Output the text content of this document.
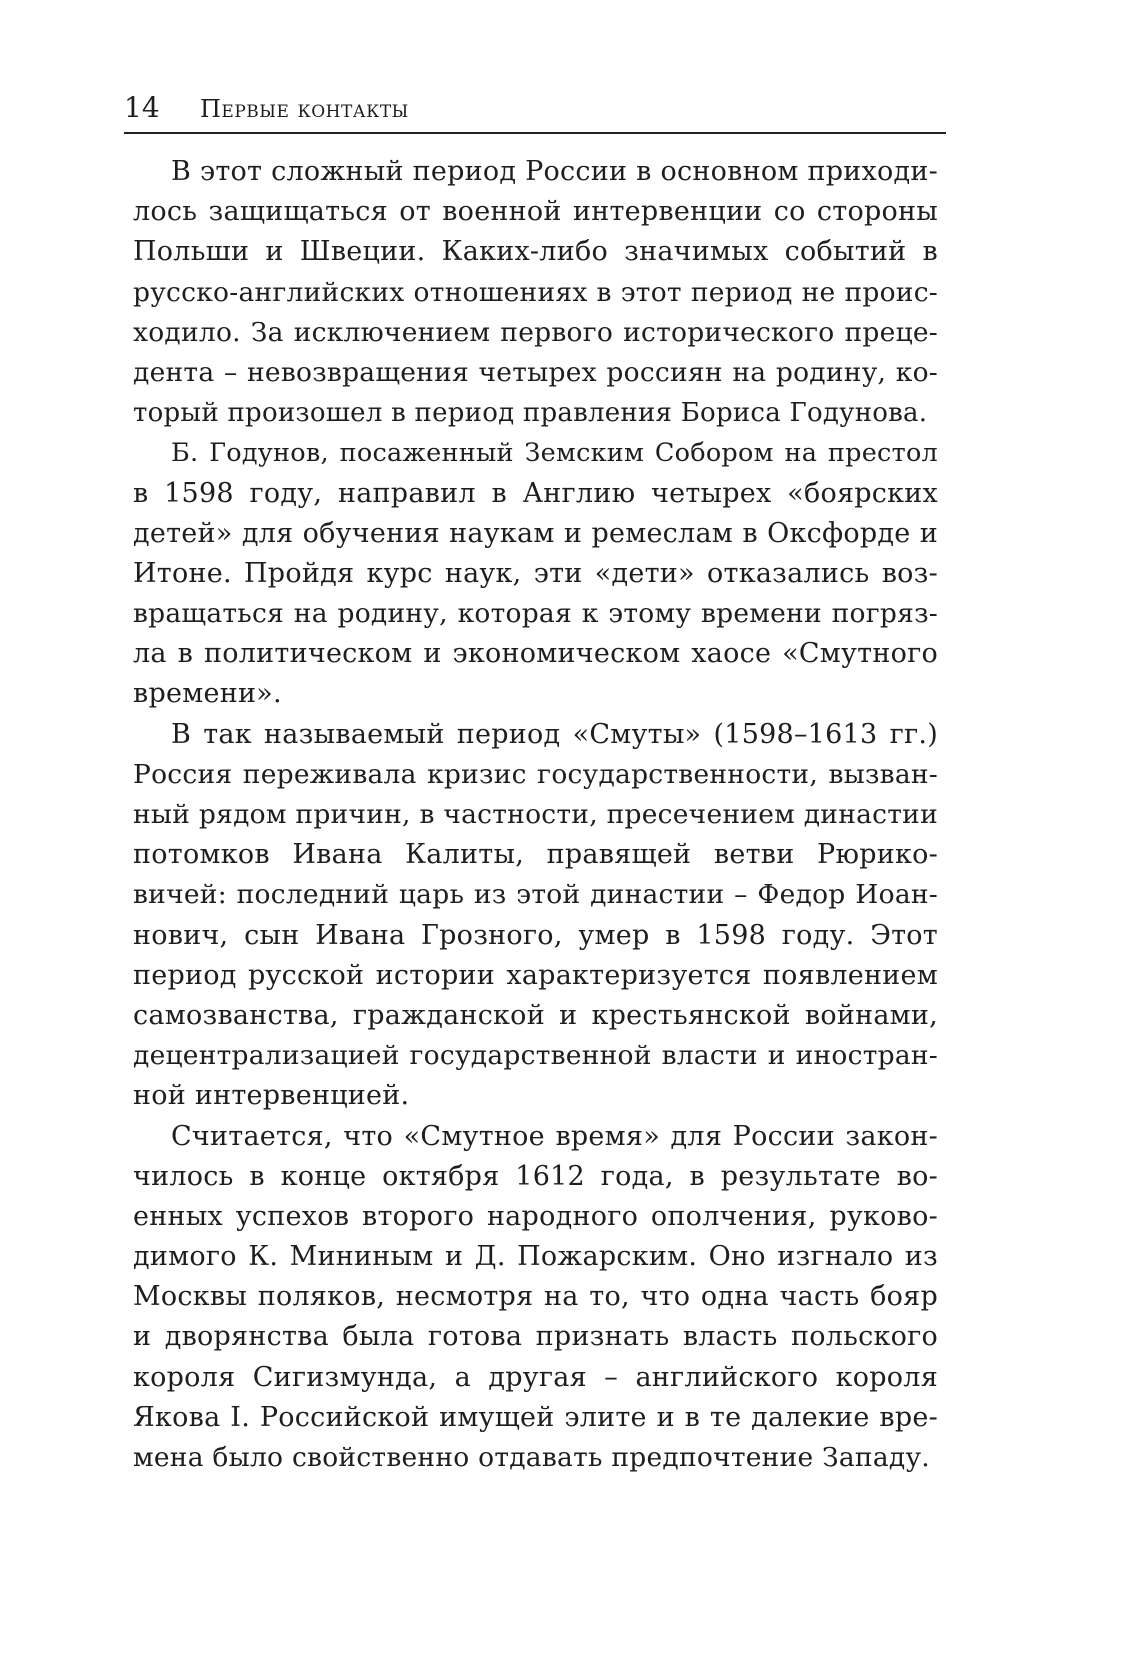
14 Первые контакты

В этот сложный период России в основном приходи-
лось защищаться от военной интервенции со стороны
Польши и Швеции. Каких-либо значимых событий в
русско-английских отношениях в этот период не проис-
ходило. За исключением первого исторического преце-
дента – невозвращения четырех россиян на родину, ко-
торый произошел в период правления Бориса Годунова.

Б. Годунов, посаженный Земским Собором на престол
в 1598 году, направил в Англию четырех «боярских
детей» для обучения наукам и ремеслам в Оксфорде и
Итоне. Пройдя курс наук, эти «дети» отказались воз-
вращаться на родину, которая к этому времени погряз-
ла в политическом и экономическом хаосе «Смутного
времени».

В так называемый период «Смуты» (1598–1613 гг.)
Россия переживала кризис государственности, вызван-
ный рядом причин, в частности, пресечением династии
потомков Ивана Калиты, правящей ветви Рюрико-
вичей: последний царь из этой династии – Федор Иоан-
нович, сын Ивана Грозного, умер в 1598 году. Этот
период русской истории характеризуется появлением
самозванства, гражданской и крестьянской войнами,
децентрализацией государственной власти и иностран-
ной интервенцией.

Считается, что «Смутное время» для России закон-
чилось в конце октября 1612 года, в результате во-
енных успехов второго народного ополчения, руково-
димого К. Мининым и Д. Пожарским. Оно изгнало из
Москвы поляков, несмотря на то, что одна часть бояр
и дворянства была готова признать власть польского
короля Сигизмунда, а другая – английского короля
Якова I. Российской имущей элите и в те далекие вре-
мена было свойственно отдавать предпочтение Западу.
